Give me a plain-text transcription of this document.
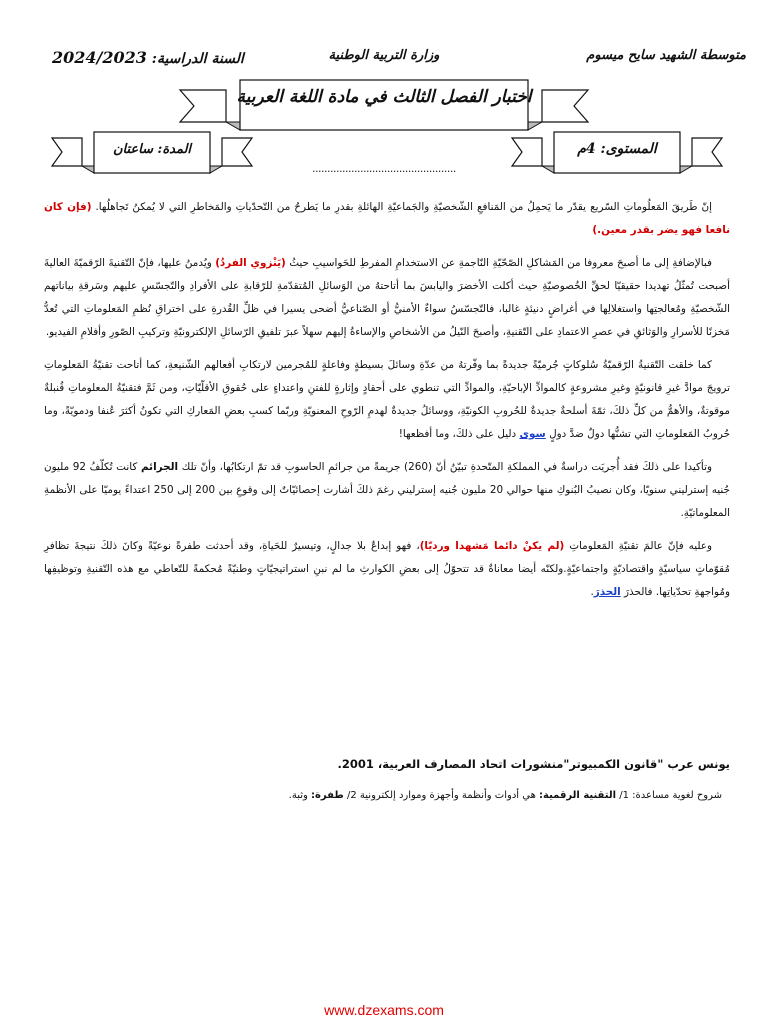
متوسطة الشهيد سايح ميسوم
وزارة التربية الوطنية
السنة الدراسية: 2024/2023
اختبار الفصل الثالث في مادة اللغة العربية
المدة: ساعتان	المستوى: 4م
................................................

إنّ طَريقَ المَعلُوماتِ السّريع يقدّر ما يَحمِلُ من المَنافعِ الشّخصيّةِ والجَماعيّةِ الهائلةِ بقدرِ ما يَطرحُ من التّحدّياتِ والمَخاطرِ التي لا يُمكنُ تَجاهلُها. (فإن كان نافعا فهو يضر بقدر معين.)

فبالإضافةِ إلى ما أصبحَ معروفا من المَشاكلِ الصّحّيّةِ النّاجمةِ عن الاستخدامِ المفرطِ للحَواسيبِ حيثُ (يَنْزوي الفردُ) ويُدمنُ عليها، فإنّ التّقنيةَ الرّقميّةَ العاليةَ أصبحت تُمثّلُ تهديدا حقيقيّا لحقِّ الخُصوصيّةِ حيث أكلت الأخضرَ واليابسَ بما أتاحتهُ من الوَسائلِ المُتقدّمةِ للرّقابةِ على الأفرادِ والتّجسّسِ عليهم وسَرقةِ بياناتهم الشّخصيّةِ ومُعالجتِها واستغلالِها في أغراضٍ دنيئةٍ غالبا، فالتّجسّسُ سواءٌ الأمنيُّ أو الصّناعيُّ أضحى يسيرا في ظلِّ القُدرةِ على اختراقِ نُظمِ المَعلوماتِ التي تُعدُّ مَخزنًا للأسرارِ والوَثائقِ في عصرِ الاعتمادِ على التّقنيةِ، وأصبحَ النّيلُ من الأشخاصِ والإساءةُ إليهم سهلاً عبرَ تلفيقِ الرّسائلِ الإلكترونيّةِ وتركيبِ الصّورِ وأفلامِ الفيديو.

كما خلقت التّقنيةُ الرّقميّةُ سُلوكاتٍ جُرميّةً جديدةً بما وفّرتهُ من عدّةِ وسائلَ بسيطةٍ وفاعلةٍ للمُجرمين لارتكابِ أفعالهم الشّنيعةِ، كما أتاحت تقنيّةُ المَعلوماتِ ترويجَ موادَّ غيرِ قانونيّةٍ وغيرِ مشروعةٍ كالموادِّ الإباحيّةِ، والموادِّ التي تنطوي على أحقادٍ وإثارةٍ للفتنِ واعتداءٍ على حُقوقِ الأقلّيّاتِ، ومن ثَمَّ فتقنيّةُ المعلوماتِ قُنبلةٌ موقوتةٌ، والأهمُّ من كلِّ ذلكَ، ثمّةَ أسلحةٌ جديدةٌ للحُروبِ الكونيّةِ، ووسائلُ جديدةٌ لهدمِ الرّوحِ المعنويّةِ وربّما كسبِ بعضِ المَعاركِ التي تكونُ أكثرَ عُنفا ودمويّةً، وما حُروبُ المَعلوماتِ التي تشنُّها دولٌ ضدَّ دولٍ سوى دليل على ذلكَ، وما أفظعها!

وتأكيدا على ذلكَ فقد أُجريَت دراسةٌ في المملكةِ المتّحدةِ تبيّنُ أنّ (260) جريمةً من جرائمِ الحاسوبِ قد تمّ ارتكابُها، وأنّ تلك الجرائم كانت تُكلّفُ 92 مليون جُنيه إسترليني سنويّا، وكان نصيبُ البُنوكِ منها حوالي 20 مليون جُنيه إسترليني رغمَ ذلكَ أشارت إحصائيّاتٌ إلى وقوعِ بين 200 إلى 250 اعتداءً يوميّا على الأنظمةِ المعلوماتيّةِ.

وعليه فإنّ عالمَ تقنيّةِ المَعلوماتِ (لم يكنْ دائما مَشهدا ورديّا)، فهو إبداعٌ بلا جدالٍ، وتيسيرٌ للحَياةِ، وقد أحدثت طفرةً نوعيّةً وكانَ ذلكَ نتيجةَ تظافرِ مُقوّماتٍ سياسيّةٍ واقتصاديّةٍ واجتماعيّةٍ.ولكنّه أيضا معاناةٌ قد تتحوّلُ إلى بعضِ الكوارثِ ما لم نبنِ استراتيجيّاتٍ وطنيّةً مُحكمةً للتّعاطي مع هذه التّقنيةِ وتوظيفِها ومُواجهةِ تحدّياتِها. فالحذرَ الحذرَ.

يونس عرب "قانون الكمبيوتر"منشورات اتحاد المصارف العربية، 2001.
شروح لغوية مساعدة: 1/ التقنية الرقمية: هي أدوات وأنظمة وأجهزة وموارد إلكترونية 2/ طفرة: وثبة.
www.dzexams.com
